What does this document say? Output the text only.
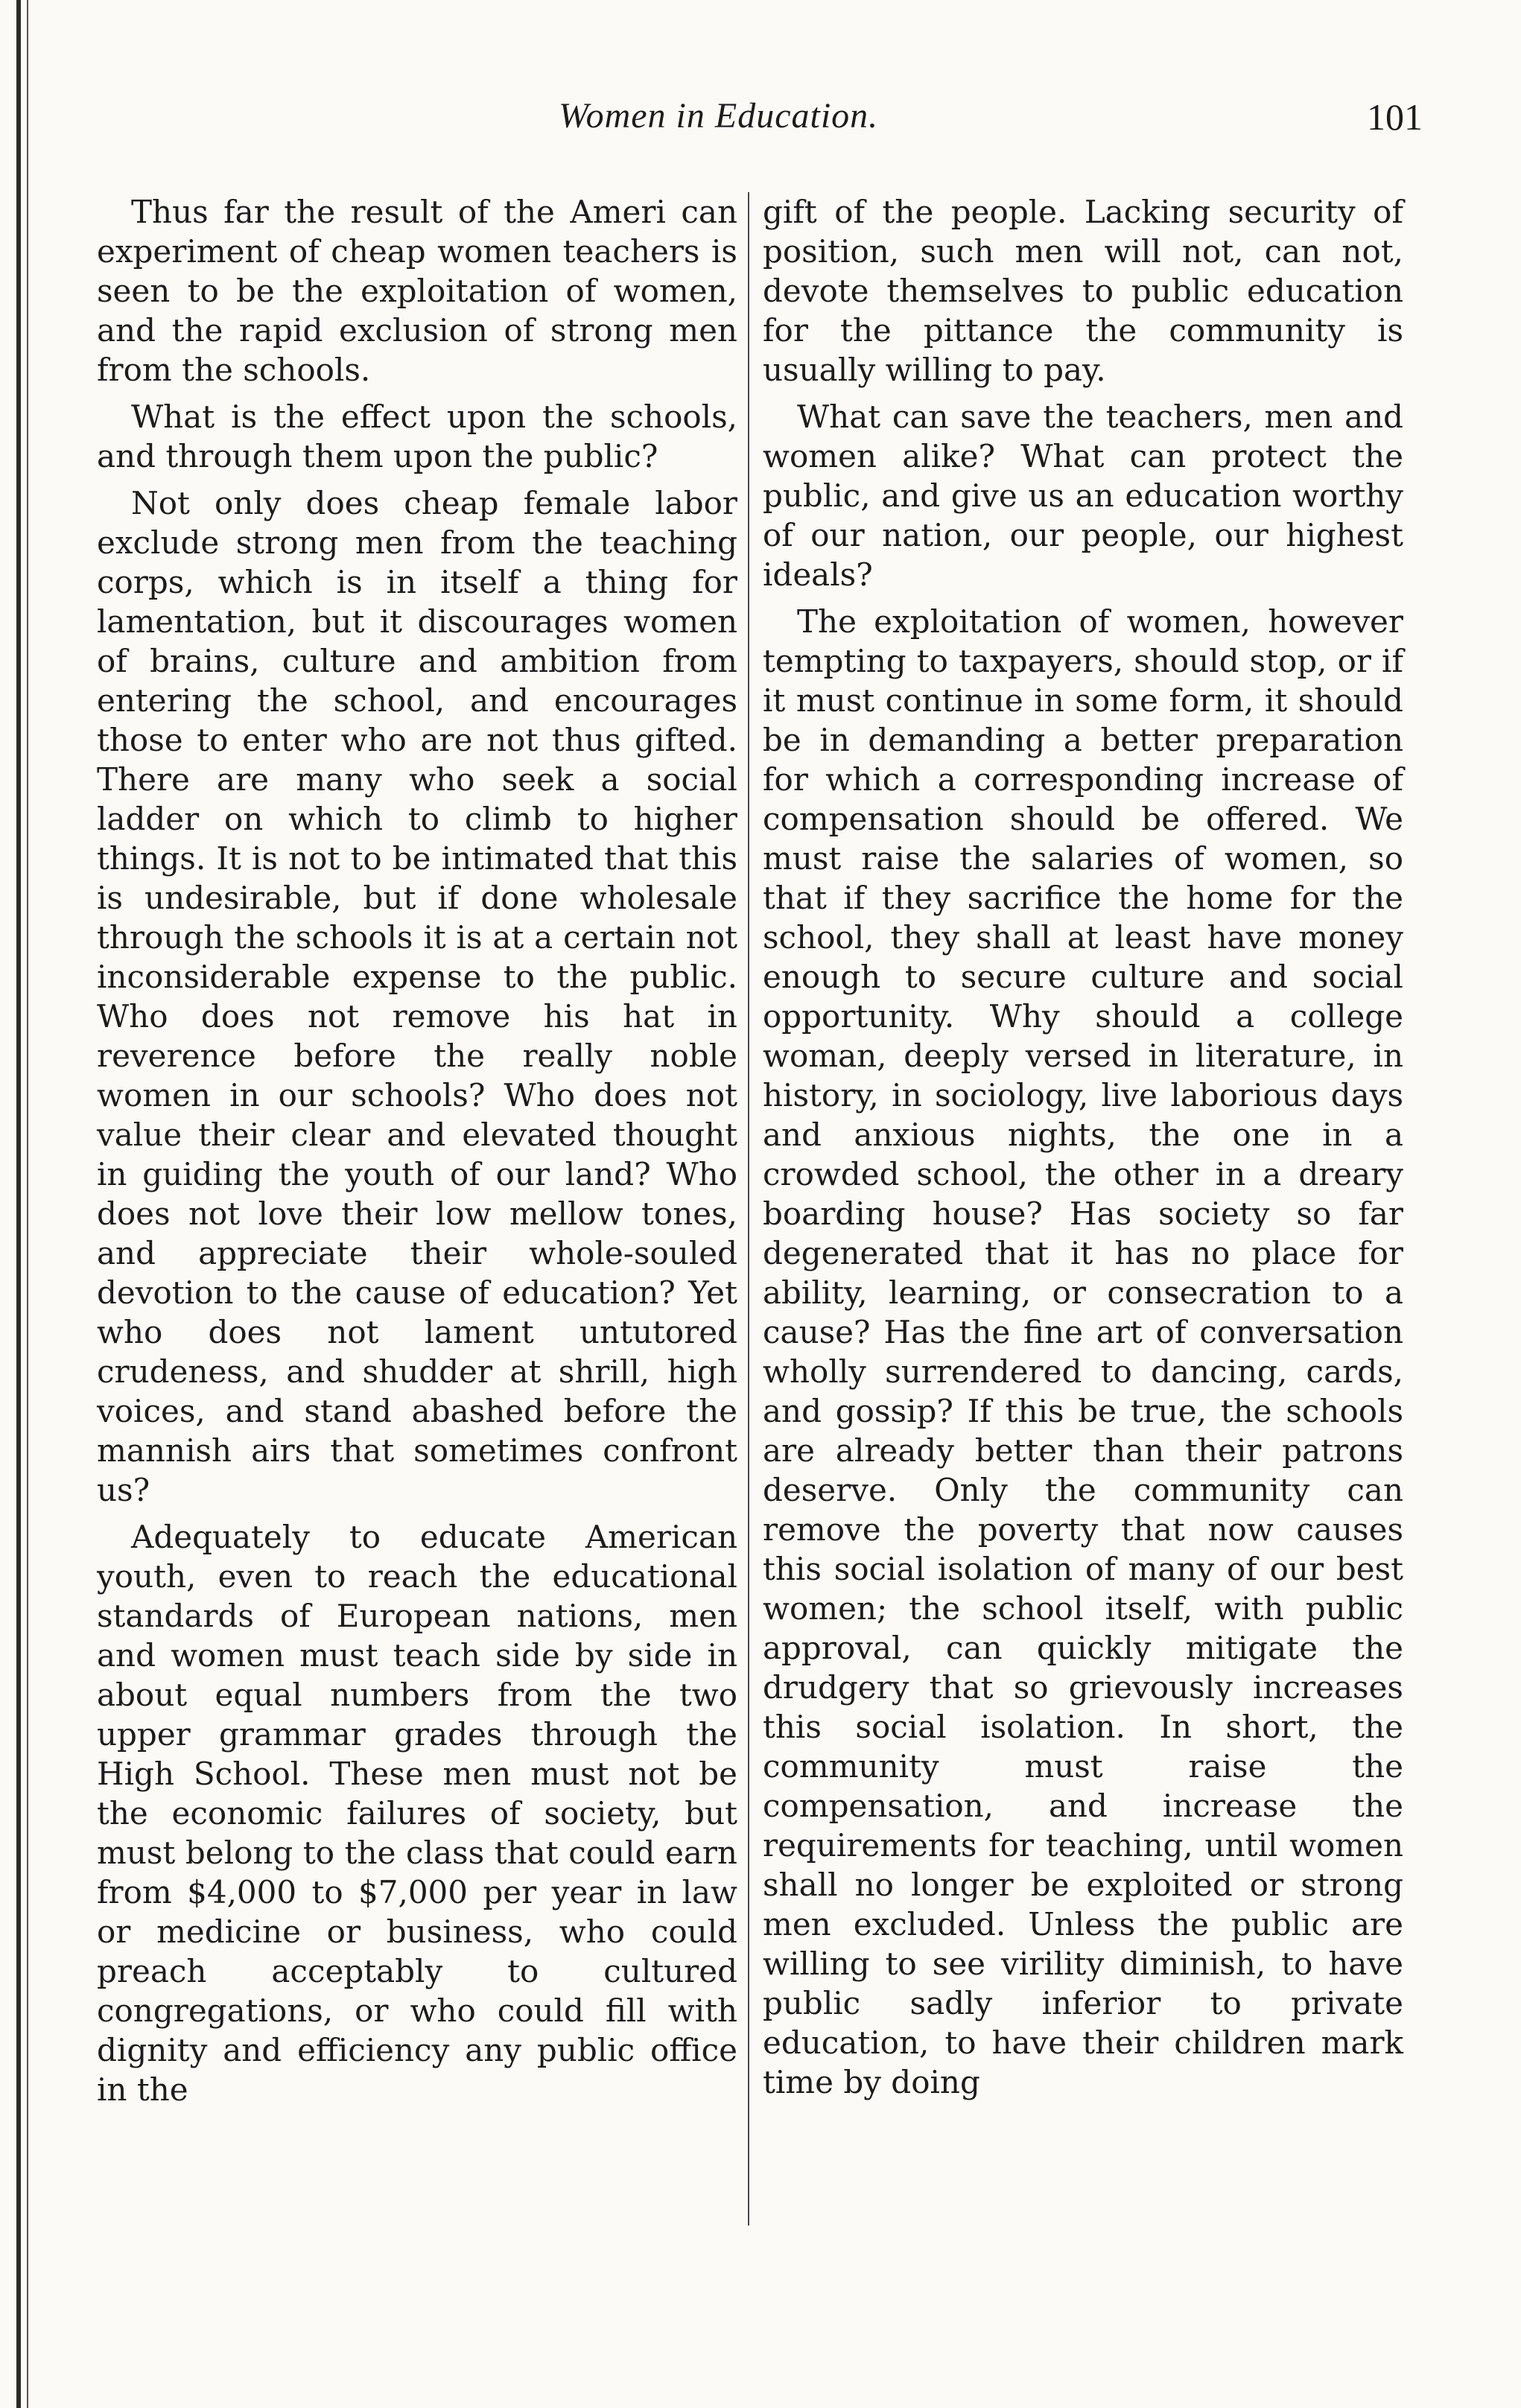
Women in Education.	101

Thus far the result of the Ameri can experiment of cheap women teachers is seen to be the exploitation of women, and the rapid exclusion of strong men from the schools.

What is the effect upon the schools, and through them upon the public?

Not only does cheap female labor exclude strong men from the teaching corps, which is in itself a thing for lamentation, but it discourages women of brains, culture and ambition from entering the school, and encourages those to enter who are not thus gifted. There are many who seek a social ladder on which to climb to higher things. It is not to be intimated that this is undesirable, but if done wholesale through the schools it is at a certain not inconsiderable expense to the public. Who does not remove his hat in reverence before the really noble women in our schools? Who does not value their clear and elevated thought in guiding the youth of our land? Who does not love their low mellow tones, and appreciate their whole-souled devotion to the cause of education? Yet who does not lament untutored crudeness, and shudder at shrill, high voices, and stand abashed before the mannish airs that sometimes confront us?

Adequately to educate American youth, even to reach the educational standards of European nations, men and women must teach side by side in about equal numbers from the two upper grammar grades through the High School. These men must not be the economic failures of society, but must belong to the class that could earn from $4,000 to $7,000 per year in law or medicine or business, who could preach acceptably to cultured congregations, or who could fill with dignity and efficiency any public office in the

gift of the people. Lacking security of position, such men will not, can not, devote themselves to public education for the pittance the community is usually willing to pay.

What can save the teachers, men and women alike? What can protect the public, and give us an education worthy of our nation, our people, our highest ideals?

The exploitation of women, however tempting to taxpayers, should stop, or if it must continue in some form, it should be in demanding a better preparation for which a corresponding increase of compensation should be offered. We must raise the salaries of women, so that if they sacrifice the home for the school, they shall at least have money enough to secure culture and social opportunity. Why should a college woman, deeply versed in literature, in history, in sociology, live laborious days and anxious nights, the one in a crowded school, the other in a dreary boarding house? Has society so far degenerated that it has no place for ability, learning, or consecration to a cause? Has the fine art of conversation wholly surrendered to dancing, cards, and gossip? If this be true, the schools are already better than their patrons deserve. Only the community can remove the poverty that now causes this social isolation of many of our best women; the school itself, with public approval, can quickly mitigate the drudgery that so grievously increases this social isolation. In short, the community must raise the compensation, and increase the requirements for teaching, until women shall no longer be exploited or strong men excluded. Unless the public are willing to see virility diminish, to have public sadly inferior to private education, to have their children mark time by doing
